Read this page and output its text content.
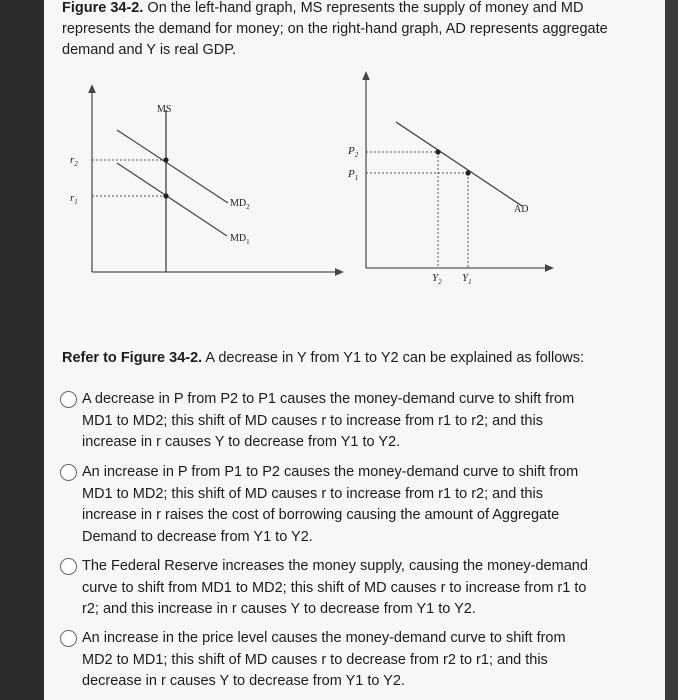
Figure 34-2. On the left-hand graph, MS represents the supply of money and MD represents the demand for money; on the right-hand graph, AD represents aggregate demand and Y is real GDP.
MS
$MD_2$
$MD_1$
$r_2$
$r_1$
$P_2$
$P_1$
AD
$Y_2$ $Y_1$
Refer to Figure 34-2. A decrease in Y from Y1 to Y2 can be explained as follows:
A decrease in P from P2 to P1 causes the money-demand curve to shift from MD1 to MD2; this shift of MD causes r to increase from r1 to r2; and this increase in r causes Y to decrease from Y1 to Y2.
An increase in P from P1 to P2 causes the money-demand curve to shift from MD1 to MD2; this shift of MD causes r to increase from r1 to r2; and this increase in r raises the cost of borrowing causing the amount of Aggregate Demand to decrease from Y1 to Y2.
The Federal Reserve increases the money supply, causing the money-demand curve to shift from MD1 to MD2; this shift of MD causes r to increase from r1 to r2; and this increase in r causes Y to decrease from Y1 to Y2.
An increase in the price level causes the money-demand curve to shift from MD2 to MD1; this shift of MD causes r to decrease from r2 to r1; and this decrease in r causes Y to decrease from Y1 to Y2.
